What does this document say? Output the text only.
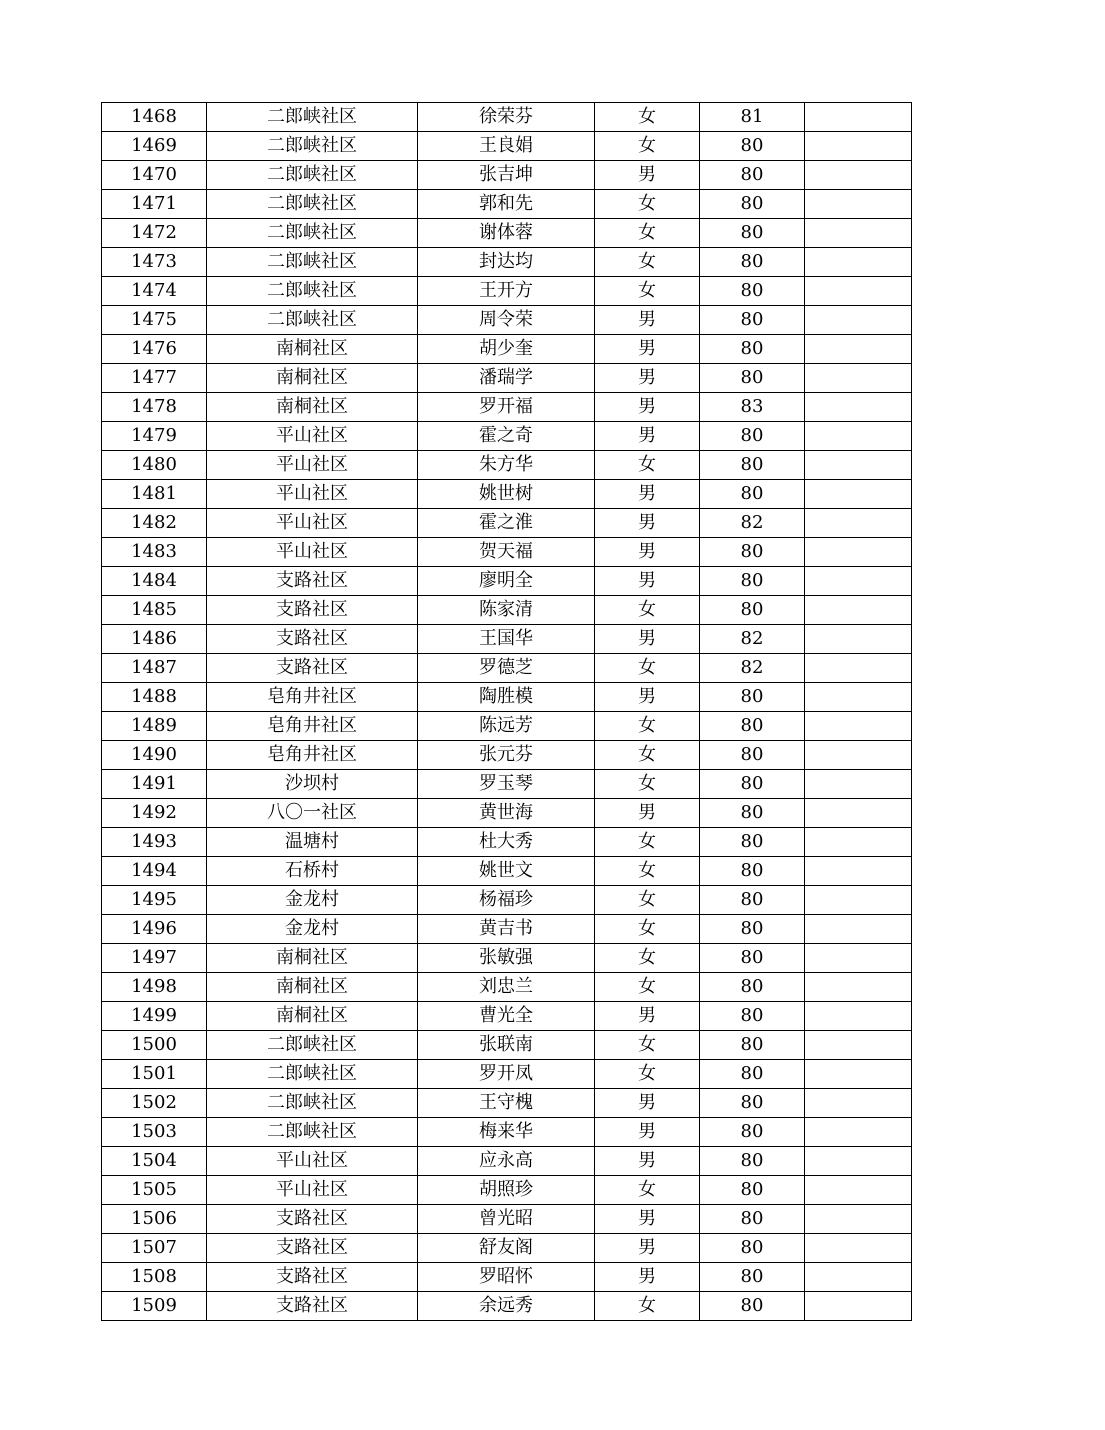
1468	二郎峡社区	徐荣芬	女	81	
1469	二郎峡社区	王良娟	女	80	
1470	二郎峡社区	张吉坤	男	80	
1471	二郎峡社区	郭和先	女	80	
1472	二郎峡社区	谢体蓉	女	80	
1473	二郎峡社区	封达均	女	80	
1474	二郎峡社区	王开方	女	80	
1475	二郎峡社区	周令荣	男	80	
1476	南桐社区	胡少奎	男	80	
1477	南桐社区	潘瑞学	男	80	
1478	南桐社区	罗开福	男	83	
1479	平山社区	霍之奇	男	80	
1480	平山社区	朱方华	女	80	
1481	平山社区	姚世树	男	80	
1482	平山社区	霍之淮	男	82	
1483	平山社区	贺天福	男	80	
1484	支路社区	廖明全	男	80	
1485	支路社区	陈家清	女	80	
1486	支路社区	王国华	男	82	
1487	支路社区	罗德芝	女	82	
1488	皂角井社区	陶胜模	男	80	
1489	皂角井社区	陈远芳	女	80	
1490	皂角井社区	张元芬	女	80	
1491	沙坝村	罗玉琴	女	80	
1492	八〇一社区	黄世海	男	80	
1493	温塘村	杜大秀	女	80	
1494	石桥村	姚世文	女	80	
1495	金龙村	杨福珍	女	80	
1496	金龙村	黄吉书	女	80	
1497	南桐社区	张敏强	女	80	
1498	南桐社区	刘忠兰	女	80	
1499	南桐社区	曹光全	男	80	
1500	二郎峡社区	张联南	女	80	
1501	二郎峡社区	罗开凤	女	80	
1502	二郎峡社区	王守槐	男	80	
1503	二郎峡社区	梅来华	男	80	
1504	平山社区	应永高	男	80	
1505	平山社区	胡照珍	女	80	
1506	支路社区	曾光昭	男	80	
1507	支路社区	舒友阁	男	80	
1508	支路社区	罗昭怀	男	80	
1509	支路社区	余远秀	女	80	
